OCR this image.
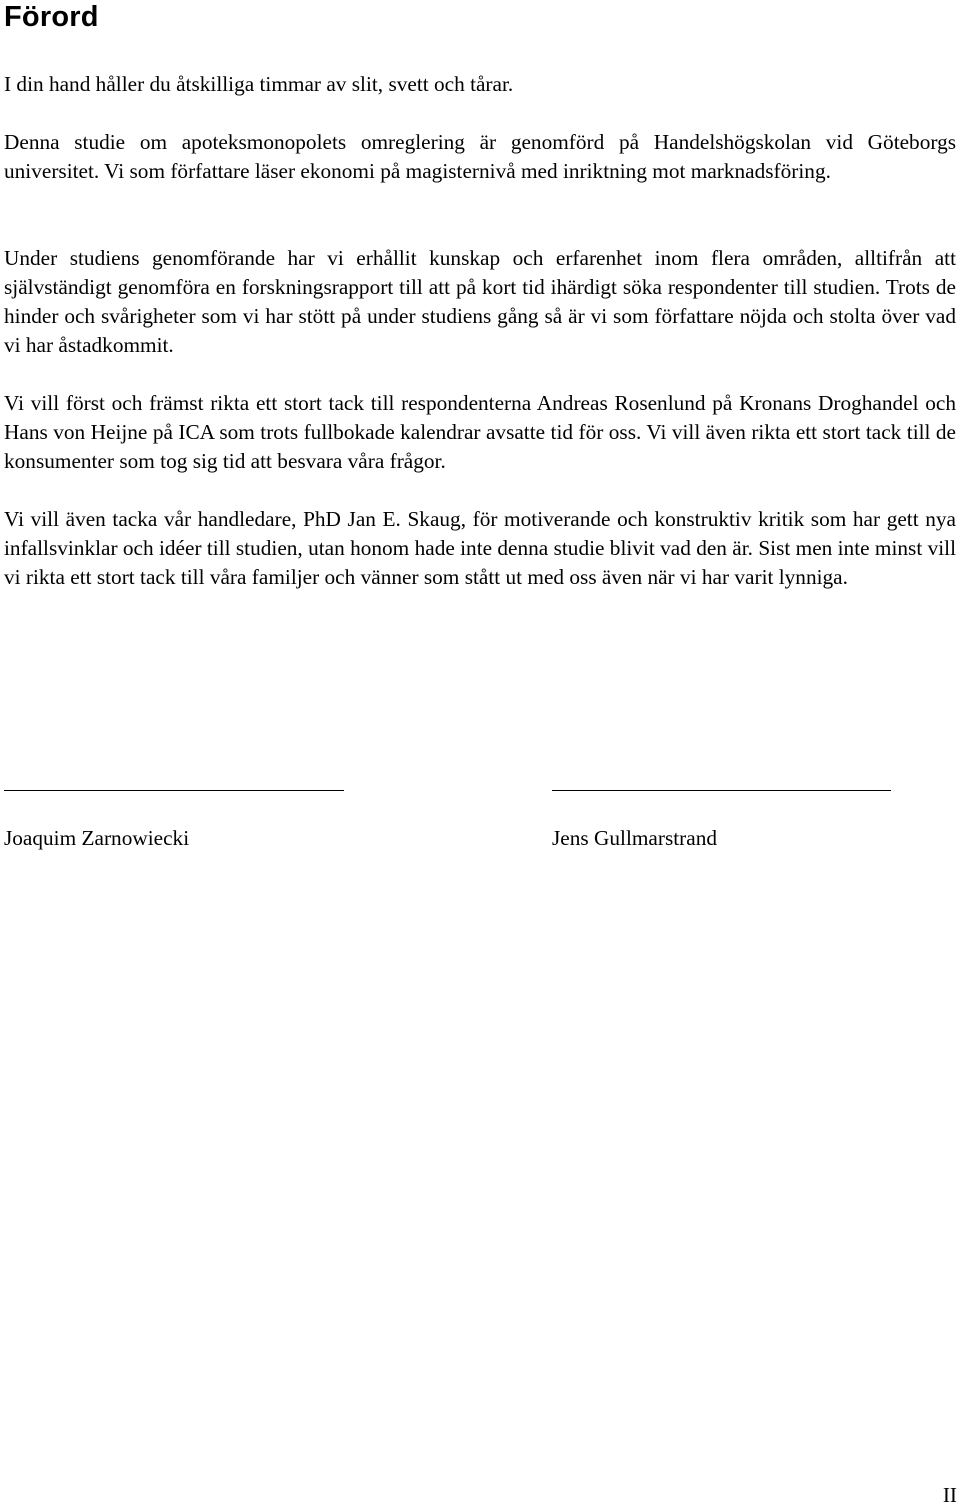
Förord

I din hand håller du åtskilliga timmar av slit, svett och tårar.

Denna studie om apoteksmonopolets omreglering är genomförd på Handelshögskolan vid Göteborgs universitet. Vi som författare läser ekonomi på magisternivå med inriktning mot marknadsföring.

Under studiens genomförande har vi erhållit kunskap och erfarenhet inom flera områden, alltifrån att självständigt genomföra en forskningsrapport till att på kort tid ihärdigt söka respondenter till studien. Trots de hinder och svårigheter som vi har stött på under studiens gång så är vi som författare nöjda och stolta över vad vi har åstadkommit.

Vi vill först och främst rikta ett stort tack till respondenterna Andreas Rosenlund på Kronans Droghandel och Hans von Heijne på ICA som trots fullbokade kalendrar avsatte tid för oss. Vi vill även rikta ett stort tack till de konsumenter som tog sig tid att besvara våra frågor.

Vi vill även tacka vår handledare, PhD Jan E. Skaug, för motiverande och konstruktiv kritik som har gett nya infallsvinklar och idéer till studien, utan honom hade inte denna studie blivit vad den är. Sist men inte minst vill vi rikta ett stort tack till våra familjer och vänner som stått ut med oss även när vi har varit lynniga.

Joaquim Zarnowiecki	Jens Gullmarstrand

II
